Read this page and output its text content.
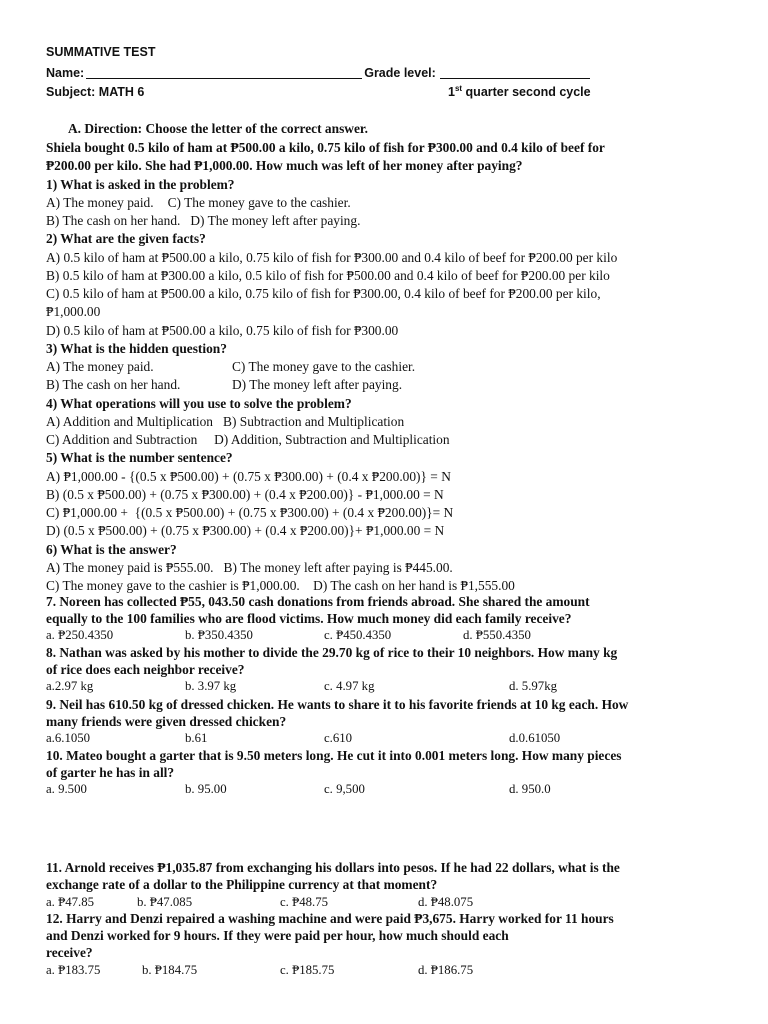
SUMMATIVE TEST
Name:	Grade level:
Subject: MATH 6	1st quarter second cycle
A. Direction: Choose the letter of the correct answer.
Shiela bought 0.5 kilo of ham at ₱500.00 a kilo, 0.75 kilo of fish for ₱300.00 and 0.4 kilo of beef for
₱200.00 per kilo. She had ₱1,000.00. How much was left of her money after paying?
1) What is asked in the problem?
A) The money paid. C) The money gave to the cashier.
B) The cash on her hand. D) The money left after paying.
2) What are the given facts?
A) 0.5 kilo of ham at ₱500.00 a kilo, 0.75 kilo of fish for ₱300.00 and 0.4 kilo of beef for ₱200.00 per kilo
B) 0.5 kilo of ham at ₱300.00 a kilo, 0.5 kilo of fish for ₱500.00 and 0.4 kilo of beef for ₱200.00 per kilo
C) 0.5 kilo of ham at ₱500.00 a kilo, 0.75 kilo of fish for ₱300.00, 0.4 kilo of beef for ₱200.00 per kilo,
₱1,000.00
D) 0.5 kilo of ham at ₱500.00 a kilo, 0.75 kilo of fish for ₱300.00
3) What is the hidden question?
A) The money paid.	C) The money gave to the cashier.
B) The cash on her hand.	D) The money left after paying.
4) What operations will you use to solve the problem?
A) Addition and Multiplication   B) Subtraction and Multiplication
C) Addition and Subtraction     D) Addition, Subtraction and Multiplication
5) What is the number sentence?
A) ₱1,000.00 - {(0.5 x ₱500.00) + (0.75 x ₱300.00) + (0.4 x ₱200.00)} = N
B) (0.5 x ₱500.00) + (0.75 x ₱300.00) + (0.4 x ₱200.00)} - ₱1,000.00 = N
C) ₱1,000.00 +  {(0.5 x ₱500.00) + (0.75 x ₱300.00) + (0.4 x ₱200.00)}= N
D) (0.5 x ₱500.00) + (0.75 x ₱300.00) + (0.4 x ₱200.00)}+ ₱1,000.00 = N
6) What is the answer?
A) The money paid is ₱555.00.   B) The money left after paying is ₱445.00.
C) The money gave to the cashier is ₱1,000.00.    D) The cash on her hand is ₱1,555.00
7. Noreen has collected ₱55, 043.50 cash donations from friends abroad. She shared the amount
equally to the 100 families who are flood victims. How much money did each family receive?
a. ₱250.4350	b. ₱350.4350	c. ₱450.4350	d. ₱550.4350
8. Nathan was asked by his mother to divide the 29.70 kg of rice to their 10 neighbors. How many kg
of rice does each neighbor receive?
a.2.97 kg	b. 3.97 kg	c. 4.97 kg	d. 5.97kg
9. Neil has 610.50 kg of dressed chicken. He wants to share it to his favorite friends at 10 kg each. How
many friends were given dressed chicken?
a.6.1050	b.61	c.610	d.0.61050
10. Mateo bought a garter that is 9.50 meters long. He cut it into 0.001 meters long. How many pieces
of garter he has in all?
a. 9.500	b. 95.00	c. 9,500	d. 950.0
11. Arnold receives ₱1,035.87 from exchanging his dollars into pesos. If he had 22 dollars, what is the
exchange rate of a dollar to the Philippine currency at that moment?
a. ₱47.85	b. ₱47.085	c. ₱48.75	d. ₱48.075
12. Harry and Denzi repaired a washing machine and were paid ₱3,675. Harry worked for 11 hours
and Denzi worked for 9 hours. If they were paid per hour, how much should each
receive?
a. ₱183.75	b. ₱184.75	c. ₱185.75	d. ₱186.75
